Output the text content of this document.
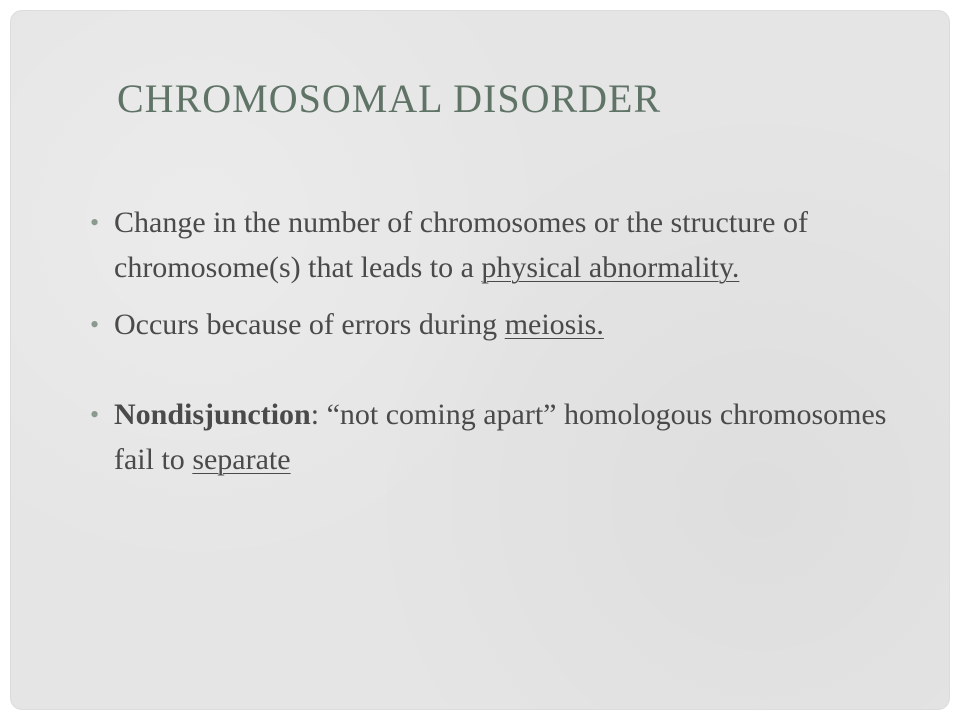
CHROMOSOMAL DISORDER
• Change in the number of chromosomes or the structure of chromosome(s) that leads to a physical abnormality.
• Occurs because of errors during meiosis.
• Nondisjunction: “not coming apart” homologous chromosomes fail to separate
